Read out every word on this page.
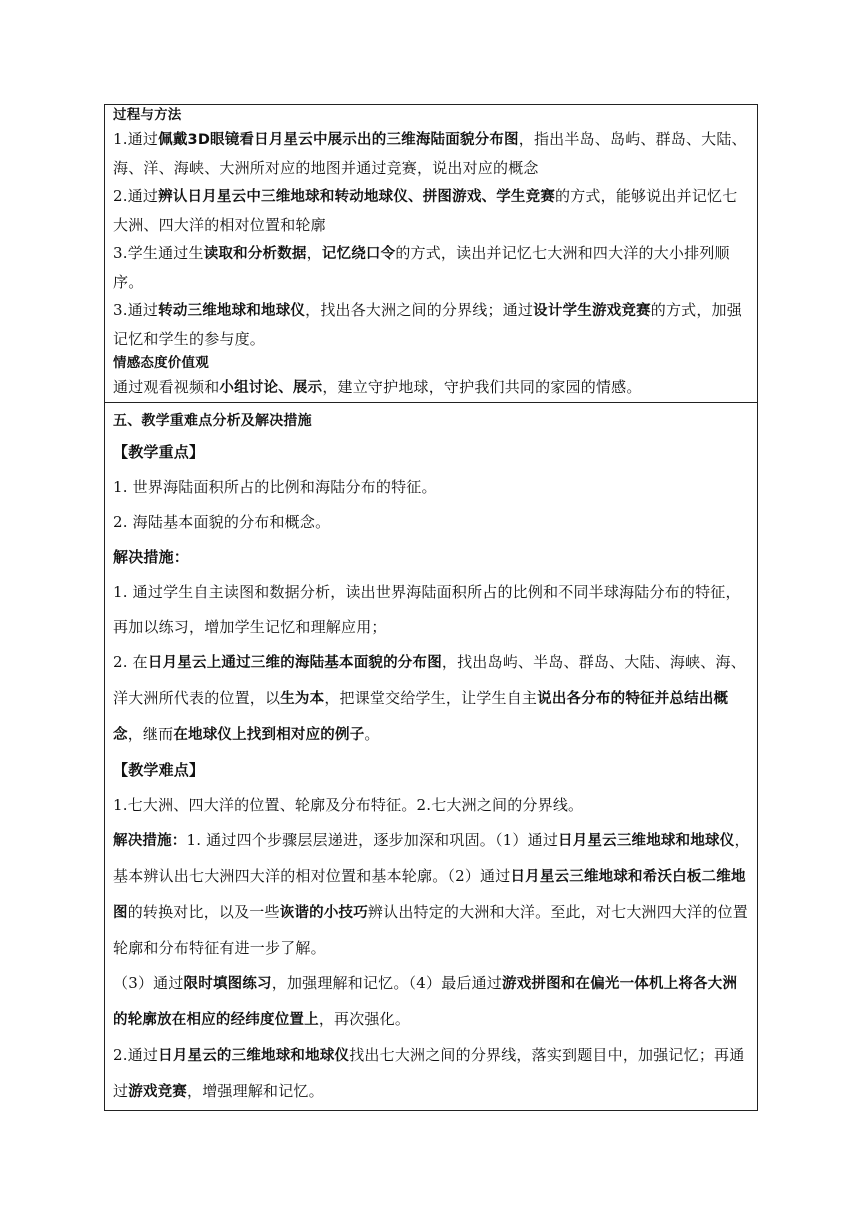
过程与方法

1.通过佩戴3D眼镜看日月星云中展示出的三维海陆面貌分布图，指出半岛、岛屿、群岛、大陆、海、洋、海峡、大洲所对应的地图并通过竞赛，说出对应的概念

2.通过辨认日月星云中三维地球和转动地球仪、拼图游戏、学生竞赛的方式，能够说出并记忆七大洲、四大洋的相对位置和轮廓

3.学生通过生读取和分析数据，记忆绕口令的方式，读出并记忆七大洲和四大洋的大小排列顺序。

3.通过转动三维地球和地球仪，找出各大洲之间的分界线；通过设计学生游戏竞赛的方式，加强记忆和学生的参与度。

情感态度价值观

通过观看视频和小组讨论、展示，建立守护地球，守护我们共同的家园的情感。

五、教学重难点分析及解决措施

【教学重点】

1. 世界海陆面积所占的比例和海陆分布的特征。

2. 海陆基本面貌的分布和概念。

解决措施：

1. 通过学生自主读图和数据分析，读出世界海陆面积所占的比例和不同半球海陆分布的特征，再加以练习，增加学生记忆和理解应用；

2. 在日月星云上通过三维的海陆基本面貌的分布图，找出岛屿、半岛、群岛、大陆、海峡、海、洋大洲所代表的位置，以生为本，把课堂交给学生，让学生自主说出各分布的特征并总结出概念，继而在地球仪上找到相对应的例子。

【教学难点】

1.七大洲、四大洋的位置、轮廓及分布特征。2.七大洲之间的分界线。

解决措施：1. 通过四个步骤层层递进，逐步加深和巩固。（1）通过日月星云三维地球和地球仪，基本辨认出七大洲四大洋的相对位置和基本轮廓。（2）通过日月星云三维地球和希沃白板二维地图的转换对比，以及一些诙谐的小技巧辨认出特定的大洲和大洋。至此，对七大洲四大洋的位置轮廓和分布特征有进一步了解。

（3）通过限时填图练习，加强理解和记忆。（4）最后通过游戏拼图和在偏光一体机上将各大洲的轮廓放在相应的经纬度位置上，再次强化。

2.通过日月星云的三维地球和地球仪找出七大洲之间的分界线，落实到题目中，加强记忆；再通过游戏竞赛，增强理解和记忆。
